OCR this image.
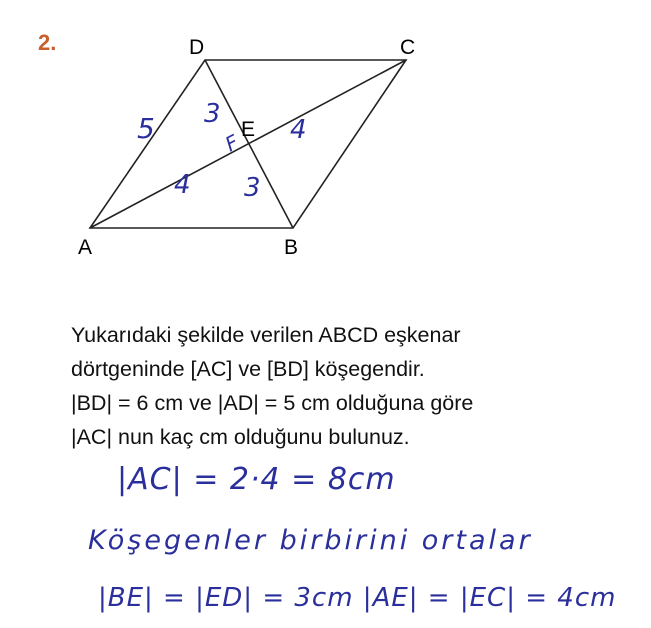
2.	D	C
A	B
E
5 3
3
4
4
F

Yukarıdaki şekilde verilen ABCD eşkenar

dörtgeninde [AC] ve [BD] köşegendir.

|BD| = 6 cm ve |AD| = 5 cm olduğuna göre

|AC| nun kaç cm olduğunu bulunuz.

|AC| = 2·4 = 8cm
Köşegenler birbirini ortalar
|BE| = |ED| = 3cm |AE| = |EC| = 4cm
